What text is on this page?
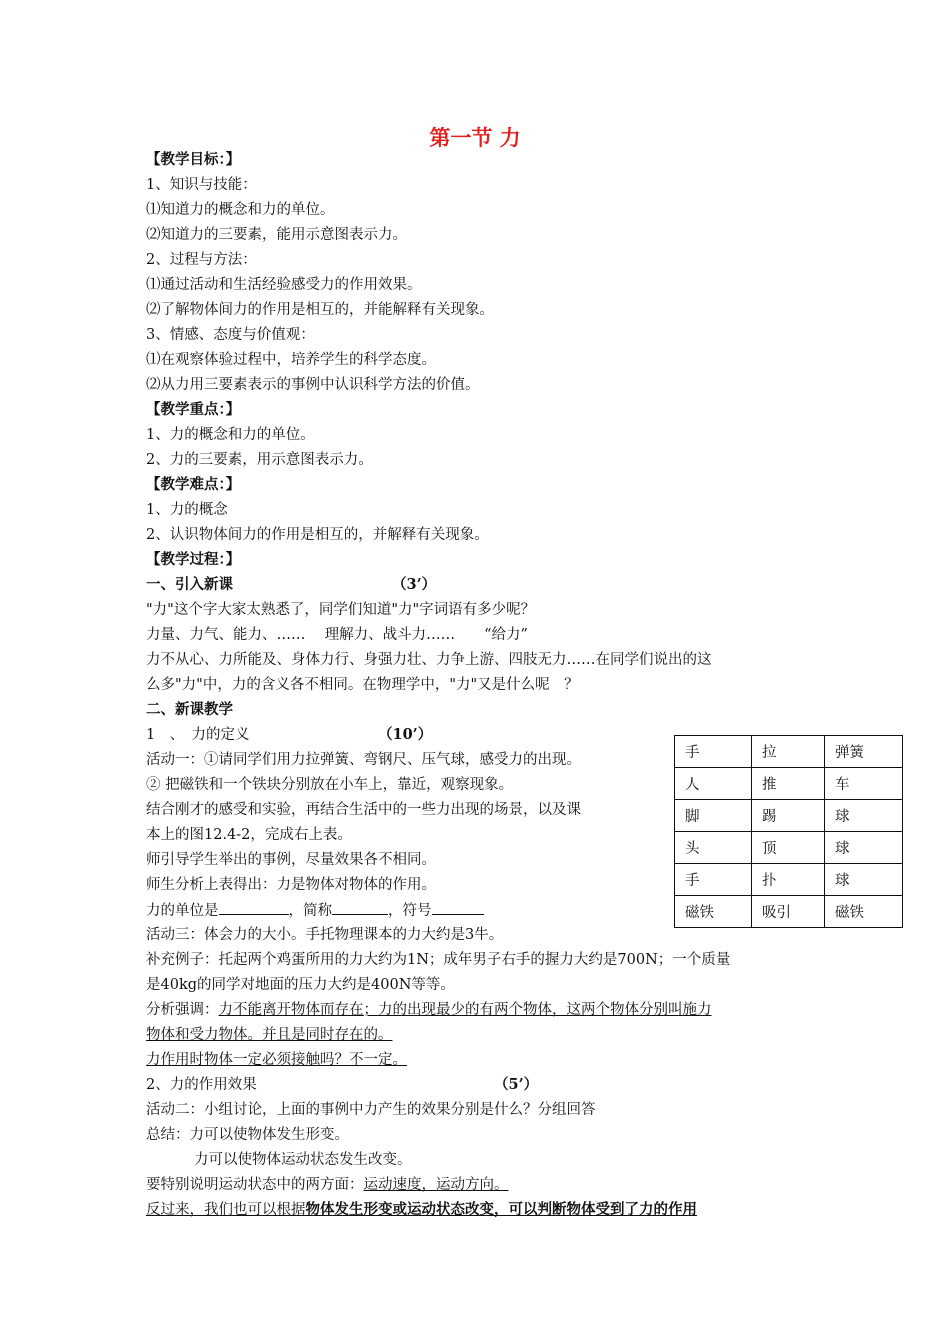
第一节 力
【教学目标：】
1、知识与技能：
⑴知道力的概念和力的单位。
⑵知道力的三要素，能用示意图表示力。
2、过程与方法：
⑴通过活动和生活经验感受力的作用效果。
⑵了解物体间力的作用是相互的，并能解释有关现象。
3、情感、态度与价值观：
⑴在观察体验过程中，培养学生的科学态度。
⑵从力用三要素表示的事例中认识科学方法的价值。
【教学重点：】
1、力的概念和力的单位。
2、力的三要素，用示意图表示力。
【教学难点：】
1、力的概念
2、认识物体间力的作用是相互的，并解释有关现象。
【教学过程：】
一、引入新课	（3’）
"力"这个字大家太熟悉了，同学们知道"力"字词语有多少呢？
力量、力气、能力、……　 理解力、战斗力……　　“给力”
力不从心、力所能及、身体力行、身强力壮、力争上游、四肢无力……在同学们说出的这
么多"力"中，力的含义各不相同。在物理学中，"力"又是什么呢　？
二、新课教学
1　、　力的定义	（10’）
活动一：①请同学们用力拉弹簧、弯钢尺、压气球，感受力的出现。
② 把磁铁和一个铁块分别放在小车上，靠近，观察现象。
结合刚才的感受和实验，再结合生活中的一些力出现的场景，以及课
本上的图12.4-2，完成右上表。
师引导学生举出的事例，尽量效果各不相同。
师生分析上表得出：力是物体对物体的作用。
力的单位是	，简称	，符号
活动三：体会力的大小。手托物理课本的力大约是3牛。
补充例子：托起两个鸡蛋所用的力大约为1N；成年男子右手的握力大约是700N；一个质量
是40kg的同学对地面的压力大约是400N等等。
分析强调：力不能离开物体而存在；力的出现最少的有两个物体，这两个物体分别叫施力
物体和受力物体。并且是同时存在的。
力作用时物体一定必须接触吗？不一定。
2、力的作用效果	（5’）
活动二：小组讨论，上面的事例中力产生的效果分别是什么？分组回答
总结：力可以使物体发生形变。
力可以使物体运动状态发生改变。
要特别说明运动状态中的两方面：运动速度，运动方向。
反过来，我们也可以根据物体发生形变或运动状态改变，可以判断物体受到了力的作用
手	拉	弹簧
人	推	车
脚	踢	球
头	顶	球
手	扑	球
磁铁	吸引	磁铁
